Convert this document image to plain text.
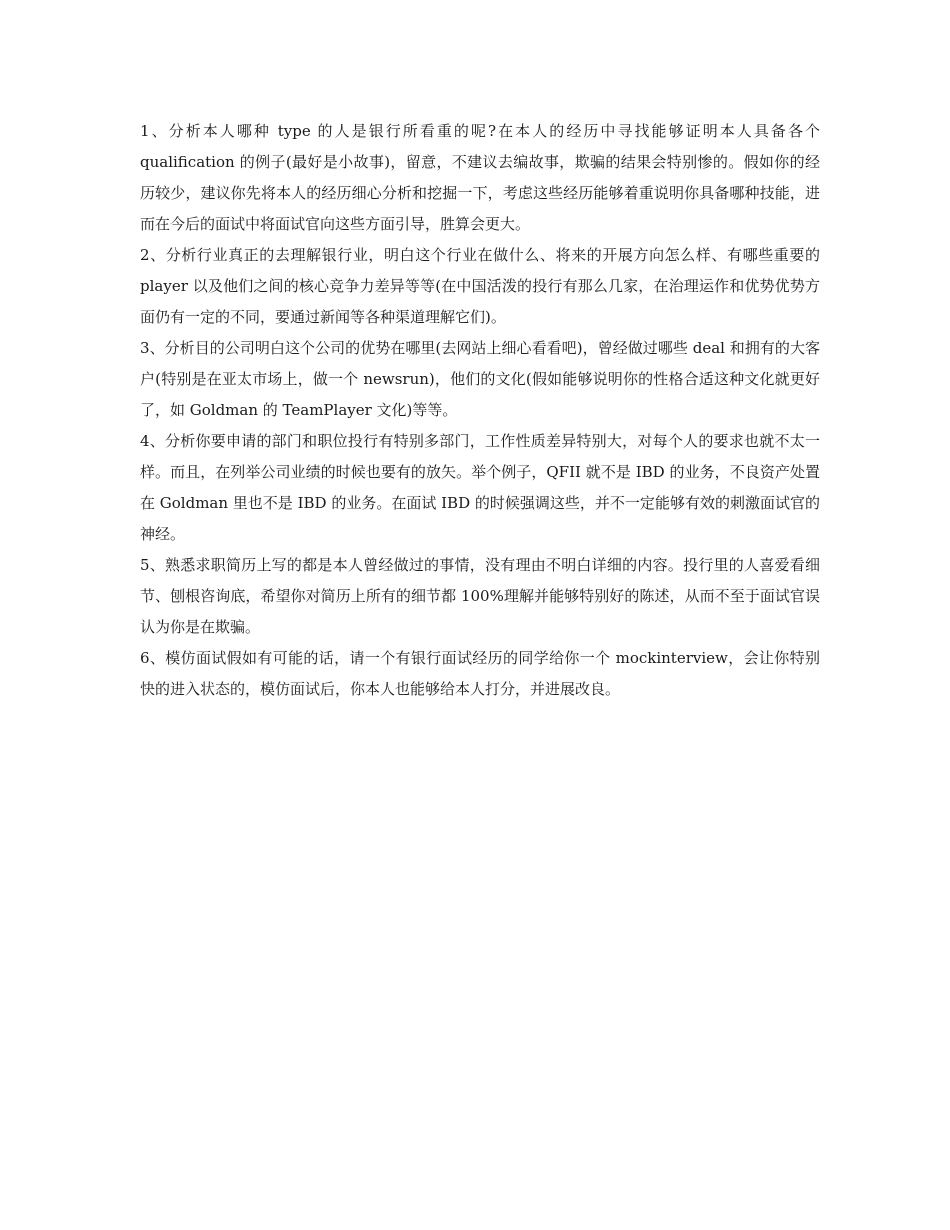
1、分析本人哪种 type 的人是银行所看重的呢?在本人的经历中寻找能够证明本人具备各个 qualification 的例子(最好是小故事)，留意，不建议去编故事，欺骗的结果会特别惨的。假如你的经历较少，建议你先将本人的经历细心分析和挖掘一下，考虑这些经历能够着重说明你具备哪种技能，进而在今后的面试中将面试官向这些方面引导，胜算会更大。

2、分析行业真正的去理解银行业，明白这个行业在做什么、将来的开展方向怎么样、有哪些重要的 player 以及他们之间的核心竞争力差异等等(在中国活泼的投行有那么几家，在治理运作和优势优势方面仍有一定的不同，要通过新闻等各种渠道理解它们)。

3、分析目的公司明白这个公司的优势在哪里(去网站上细心看看吧)，曾经做过哪些 deal 和拥有的大客户(特别是在亚太市场上，做一个 newsrun)，他们的文化(假如能够说明你的性格合适这种文化就更好了，如 Goldman 的 TeamPlayer 文化)等等。

4、分析你要申请的部门和职位投行有特别多部门，工作性质差异特别大，对每个人的要求也就不太一样。而且，在列举公司业绩的时候也要有的放矢。举个例子，QFII 就不是 IBD 的业务，不良资产处置在 Goldman 里也不是 IBD 的业务。在面试 IBD 的时候强调这些，并不一定能够有效的刺激面试官的神经。

5、熟悉求职简历上写的都是本人曾经做过的事情，没有理由不明白详细的内容。投行里的人喜爱看细节、刨根咨询底，希望你对简历上所有的细节都 100%理解并能够特别好的陈述，从而不至于面试官误认为你是在欺骗。

6、模仿面试假如有可能的话，请一个有银行面试经历的同学给你一个 mockinterview，会让你特别快的进入状态的，模仿面试后，你本人也能够给本人打分，并进展改良。
